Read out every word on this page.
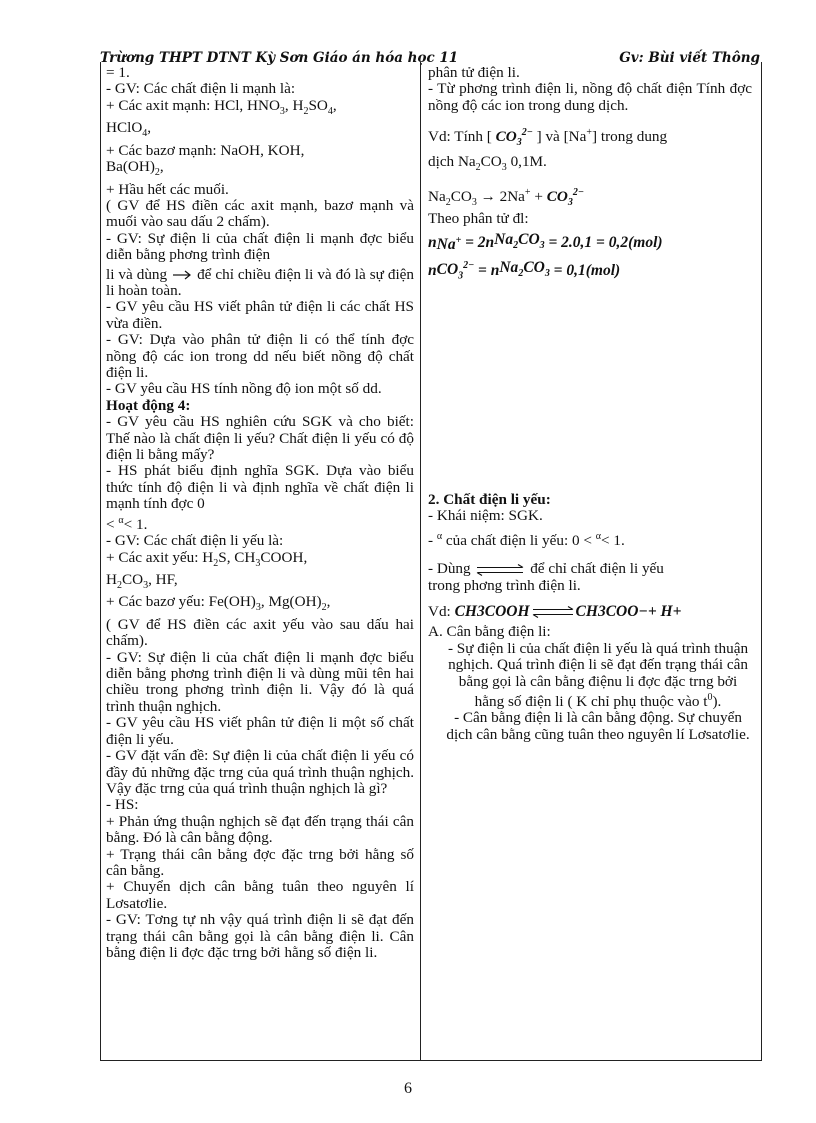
Trừơng THPT DTNT Kỳ Sơn Giáo án hóa học 11	Gv: Bùi viết Thông

= 1.

- GV: Các chất điện li mạnh là:

+ Các axit mạnh: HCl, $HNO_3$, $H_2SO_4$,

HClO$_4$,

+ Các bazơ mạnh: NaOH, KOH,

$Ba(OH)_2$,

+ Hầu hết các muối.

( GV để HS điền các axit mạnh, bazơ mạnh và muối vào sau dấu 2 chấm).

- GV: Sự điện li của chất điện li mạnh đợc biểu diễn bằng phơng trình điện

li và dùng để chỉ chiều điện li và đó là sự điện li hoàn toàn.

- GV yêu cầu HS viết phân tử điện li các chất HS vừa điền.

- GV: Dựa vào phân tử điện li có thể tính đợc nồng độ các ion trong dd nếu biết nồng độ chất điện li.

- GV yêu cầu HS tính nồng độ ion một số dd.

Hoạt động 4:

- GV yêu cầu HS nghiên cứu SGK và cho biết: Thế nào là chất điện li yếu? Chất điện li yếu có độ điện li bằng mấy?

- HS phát biểu định nghĩa SGK. Dựa vào biểu thức tính độ điện li và định nghĩa về chất điện li mạnh tính đợc 0

< $^\alpha$< 1.

- GV: Các chất điện li yếu là:

+ Các axit yếu: $H_2S$, $CH_3COOH$,

$H_2CO_3$, HF,

+ Các bazơ yếu: $Fe(OH)_3$, $Mg(OH)_2$,

( GV để HS điền các axit yếu vào sau dấu hai chấm).

- GV: Sự điện li của chất điện li mạnh đợc biểu diễn bằng phơng trình điện li và dùng mũi tên hai chiều trong phơng trình điện li. Vậy đó là quá trình thuận nghịch.

- GV yêu cầu HS viết phân tử điện li một số chất điện li yếu.

- GV đặt vấn đề: Sự điện li của chất điện li yếu có đầy đủ những đặc trng của quá trình thuận nghịch. Vậy đặc trng của quá trình thuận nghịch là gì?

- HS:

+ Phản ứng thuận nghịch sẽ đạt đến trạng thái cân bằng. Đó là cân bằng động.

+ Trạng thái cân bằng đợc đặc trng bởi hằng số cân bằng.

+ Chuyển dịch cân bằng tuân theo nguyên lí Lơsatơlie.

- GV: Tơng tự nh vậy quá trình điện li sẽ đạt đến trạng thái cân bằng gọi là cân bằng điện li. Cân bằng điện li đợc đặc trng bởi hằng số điện li.

phân tử điện li.

- Từ phơng trình điện li, nồng độ chất điện Tính đợc nồng độ các ion trong dung dịch.

Vd: Tính [ $CO_3^{2-}$ ] và [Na+] trong dung

dịch $Na_2CO_3$ 0,1M.

$Na_2CO_3 \to 2Na^+ + CO_3^{2-}$

Theo phân tử đl:

n Na+
= 2n $Na_2CO_3$
= 2.0,1 = 0,2(mol)
n $CO_3^{2-}$
= n $Na_2CO_3$
= 0,1(mol)

2. Chất điện li yếu:

- Khái niệm: SGK.

- $^\alpha$ của chất điện li yếu: 0 < $^\alpha$< 1.

- Dùng ⇌ để chỉ chất điện li yếu

trong phơng trình điện li.

Vd:
CH 3 COOH ⇌ CH 3 COO − + H +

A. Cân bằng điện li:

- Sự điện li của chất điện li yếu là quá trình thuận nghịch. Quá trình điện li sẽ đạt đến trạng thái cân bằng gọi là cân bằng điệnu li đợc đặc trng bởi hằng số điện li ( K chỉ phụ thuộc vào $t^0$).

- Cân bằng điện li là cân bằng động. Sự chuyển dịch cân bằng cũng tuân theo nguyên lí Lơsatơlie.

6
